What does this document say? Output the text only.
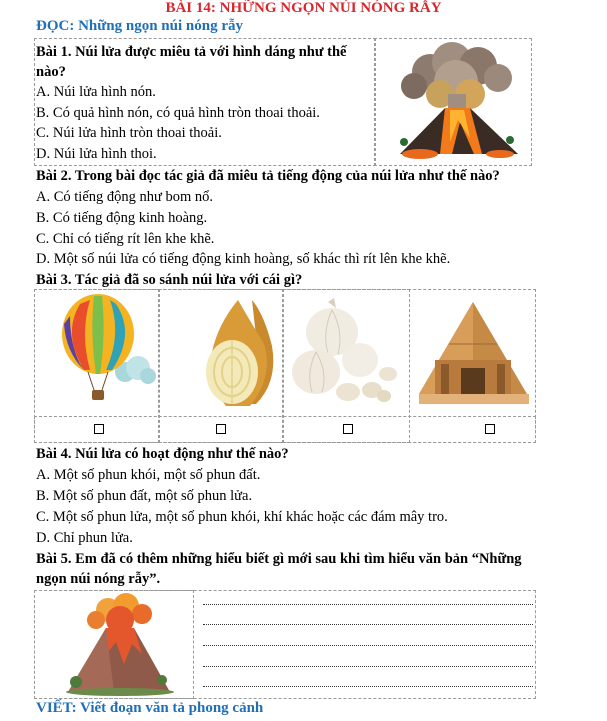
BÀI 14: NHỮNG NGỌN NÚI NÓNG RẪY
ĐỌC: Những ngọn núi nóng rẫy
Bài 1. Núi lửa được miêu tả với hình dáng như thế
nào?
A. Núi lửa hình nón.
B. Có quả hình nón, có quả hình tròn thoai thoải.
C. Núi lửa hình tròn thoai thoải.
D. Núi lửa hình thoi.
Bài 2. Trong bài đọc tác giả đã miêu tả tiếng động của núi lửa như thế nào?
A. Có tiếng động như bom nổ.
B. Có tiếng động kinh hoàng.
C. Chỉ có tiếng rít lên khe khẽ.
D. Một số núi lửa có tiếng động kinh hoàng, số khác thì rít lên khe khẽ.
Bài 3. Tác giả đã so sánh núi lửa với cái gì?
Bài 4. Núi lửa có hoạt động như thế nào?
A. Một số phun khói, một số phun đất.
B. Một số phun đất, một số phun lửa.
C. Một số phun lửa, một số phun khói, khí khác hoặc các đám mây tro.
D. Chỉ phun lửa.
Bài 5. Em đã có thêm những hiểu biết gì mới sau khi tìm hiểu văn bản “Những
ngọn núi nóng rẫy”.
VIẾT: Viết đoạn văn tả phong cảnh
